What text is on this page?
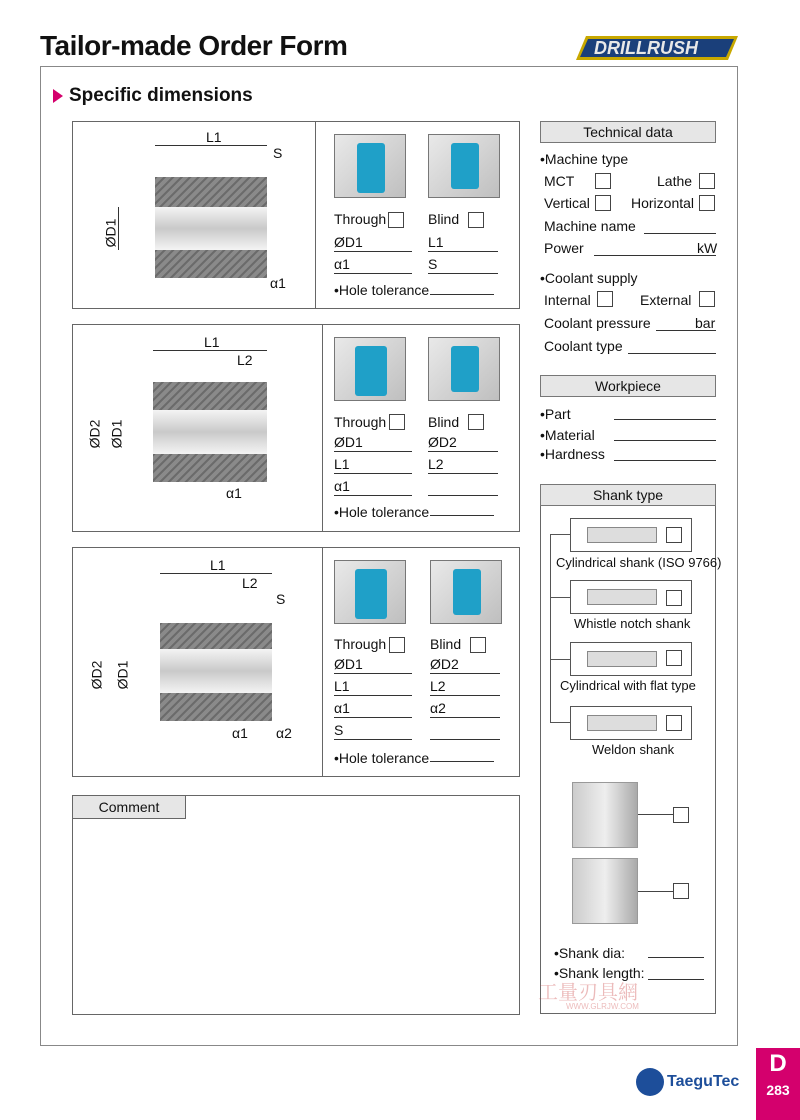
Tailor-made Order Form	DRILLRUSH
Specific dimensions
L1
S
ØD1
α1
Through	Blind
ØD1	L1
α1	S
•Hole tolerance
L1
L2
ØD2 ØD1
α1
Through	Blind
ØD1	ØD2
L1	L2
α1
•Hole tolerance
L1
L2
S
ØD2 ØD1
α1 α2
Through	Blind
ØD1	ØD2
L1	L2
α1	α2
S
•Hole tolerance
Comment
Technical data
•Machine type
MCT	Lathe
Vertical	Horizontal
Machine name
Power	kW
•Coolant supply
Internal	External
Coolant pressure	bar
Coolant type
Workpiece
•Part
•Material
•Hardness
Shank type
Cylindrical shank (ISO 9766)
Whistle notch shank
Cylindrical with flat type
Weldon shank
•Shank dia:
•Shank length:
工量刃具網
WWW.GLRJW.COM
TaeguTec
D
283
